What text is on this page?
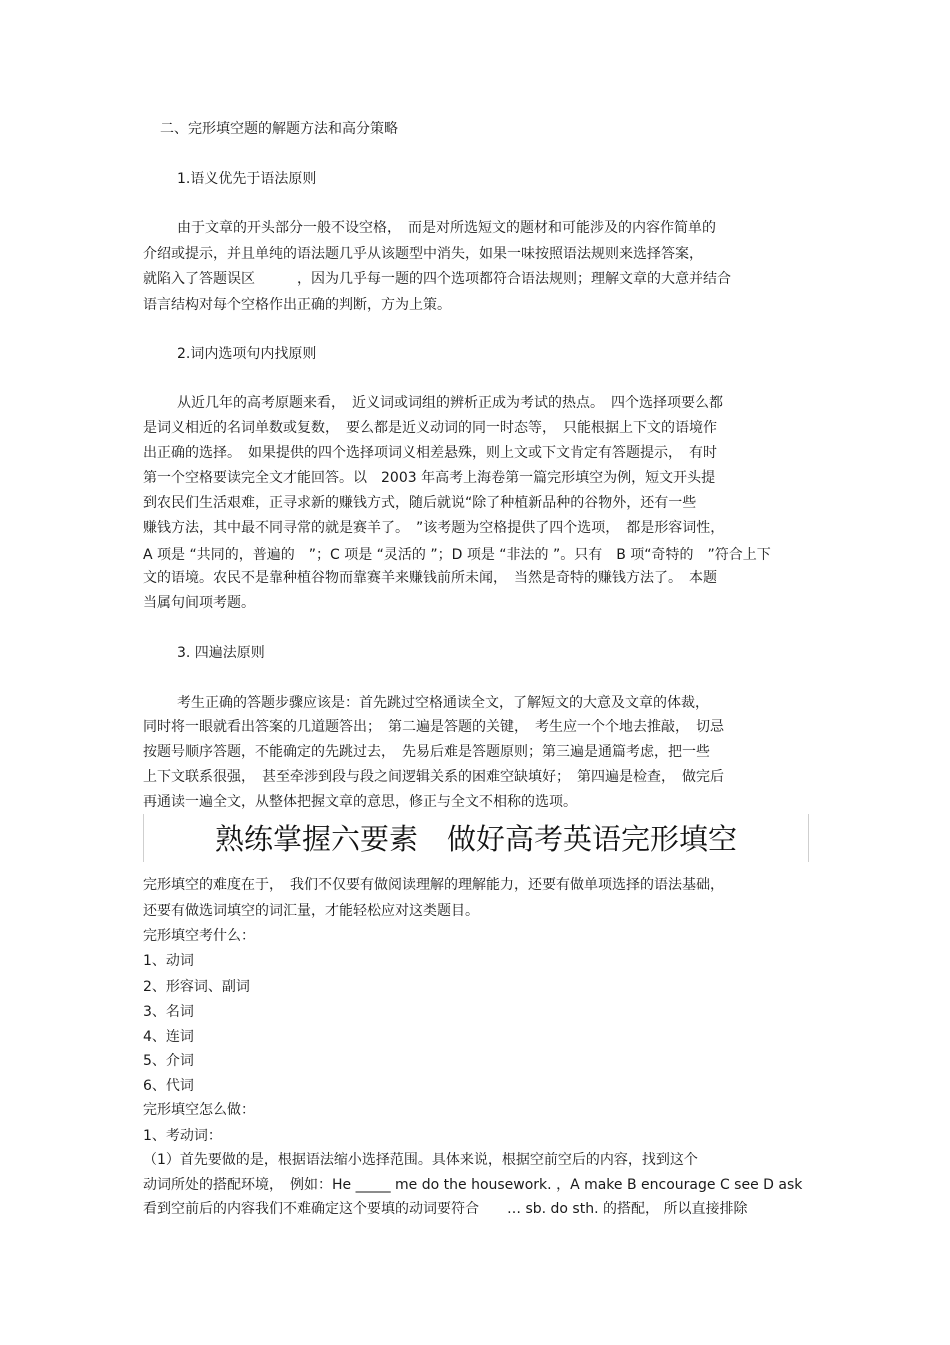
二、完形填空题的解题方法和高分策略
1.语义优先于语法原则
由于文章的开头部分一般不设空格，　而是对所选短文的题材和可能涉及的内容作简单的
介绍或提示，并且单纯的语法题几乎从该题型中消失，如果一味按照语法规则来选择答案，
就陷入了答题误区　　　，因为几乎每一题的四个选项都符合语法规则；理解文章的大意并结合
语言结构对每个空格作出正确的判断，方为上策。
2.词内选项句内找原则
从近几年的高考原题来看，　近义词或词组的辨析正成为考试的热点。　四个选择项要么都
是词义相近的名词单数或复数，　要么都是近义动词的同一时态等，　只能根据上下文的语境作
出正确的选择。　如果提供的四个选择项词义相差悬殊，则上文或下文肯定有答题提示，　有时
第一个空格要读完全文才能回答。以　2003 年高考上海卷第一篇完形填空为例，短文开头提
到农民们生活艰难，正寻求新的赚钱方式，随后就说“除了种植新品种的谷物外，还有一些
赚钱方法，其中最不同寻常的就是赛羊了。　”该考题为空格提供了四个选项，　都是形容词性，
A 项是 “共同的，普遍的　”；C 项是 “灵活的 ”；D 项是 “非法的 ”。只有　B 项“奇特的　”符合上下
文的语境。农民不是靠种植谷物而靠赛羊来赚钱前所未闻，　当然是奇特的赚钱方法了。　本题
当属句间项考题。
3. 四遍法原则
考生正确的答题步骤应该是：首先跳过空格通读全文，了解短文的大意及文章的体裁，
同时将一眼就看出答案的几道题答出；　第二遍是答题的关键，　考生应一个个地去推敲，　切忌
按题号顺序答题，不能确定的先跳过去，　先易后难是答题原则；第三遍是通篇考虑，把一些
上下文联系很强，　甚至牵涉到段与段之间逻辑关系的困难空缺填好；　第四遍是检查，　做完后
再通读一遍全文，从整体把握文章的意思，修正与全文不相称的选项。
熟练掌握六要素　做好高考英语完形填空
完形填空的难度在于，　我们不仅要有做阅读理解的理解能力，还要有做单项选择的语法基础，
还要有做选词填空的词汇量，才能轻松应对这类题目。
完形填空考什么：
1、动词
2、形容词、副词
3、名词
4、连词
5、介词
6、代词
完形填空怎么做：
1、考动词：
（1）首先要做的是，根据语法缩小选择范围。具体来说，根据空前空后的内容，找到这个
动词所处的搭配环境，　例如：He _____ me do the housework. ，A make B encourage C see D ask
看到空前后的内容我们不难确定这个要填的动词要符合　　… sb. do sth. 的搭配， 所以直接排除
